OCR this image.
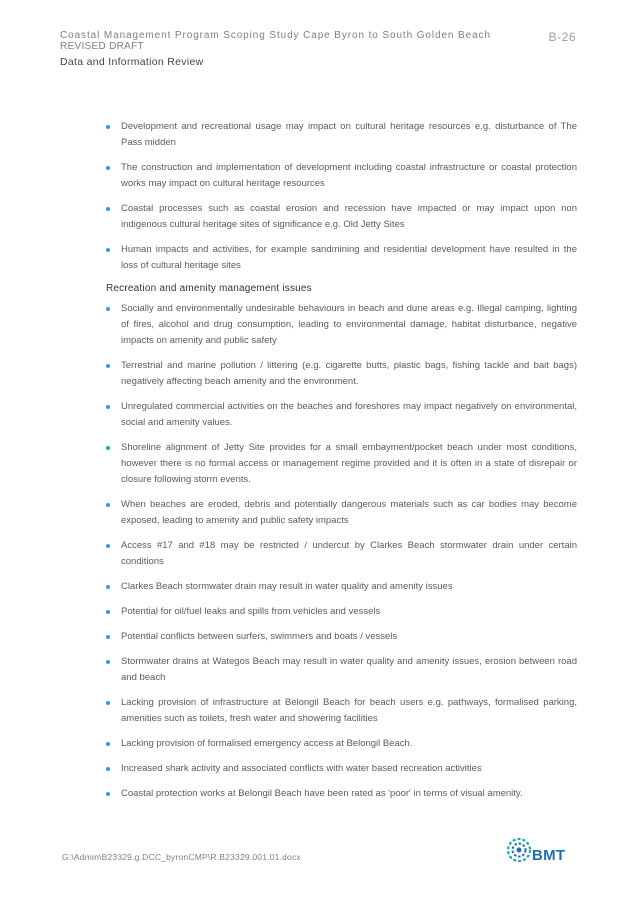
Coastal Management Program Scoping Study Cape Byron to South Golden Beach
REVISED DRAFT
B-26
Data and Information Review
Development and recreational usage may impact on cultural heritage resources e.g. disturbance of The Pass midden
The construction and implementation of development including coastal infrastructure or coastal protection works may impact on cultural heritage resources
Coastal processes such as coastal erosion and recession have impacted or may impact upon non indigenous cultural heritage sites of significance e.g. Old Jetty Sites
Human impacts and activities, for example sandmining and residential development have resulted in the loss of cultural heritage sites
Recreation and amenity management issues
Socially and environmentally undesirable behaviours in beach and dune areas e.g. Illegal camping, lighting of fires, alcohol and drug consumption, leading to environmental damage, habitat disturbance, negative impacts on amenity and public safety
Terrestrial and marine pollution / littering (e.g. cigarette butts, plastic bags, fishing tackle and bait bags) negatively affecting beach amenity and the environment.
Unregulated commercial activities on the beaches and foreshores may impact negatively on environmental, social and amenity values.
Shoreline alignment of Jetty Site provides for a small embayment/pocket beach under most conditions, however there is no formal access or management regime provided and it is often in a state of disrepair or closure following storm events.
When beaches are eroded, debris and potentially dangerous materials such as car bodies may become exposed, leading to amenity and public safety impacts
Access #17 and #18 may be restricted / undercut by Clarkes Beach stormwater drain under certain conditions
Clarkes Beach stormwater drain may result in water quality and amenity issues
Potential for oil/fuel leaks and spills from vehicles and vessels
Potential conflicts between surfers, swimmers and boats / vessels
Stormwater drains at Wategos Beach may result in water quality and amenity issues, erosion between road and beach
Lacking provision of infrastructure at Belongil Beach for beach users e.g. pathways, formalised parking, amenities such as toilets, fresh water and showering facilities
Lacking provision of formalised emergency access at Belongil Beach.
Increased shark activity and associated conflicts with water based recreation activities
Coastal protection works at Belongil Beach have been rated as 'poor' in terms of visual amenity.
G:\Admin\B23329.g.DCC_byronCMP\R.B23329.001.01.docx	BMT
